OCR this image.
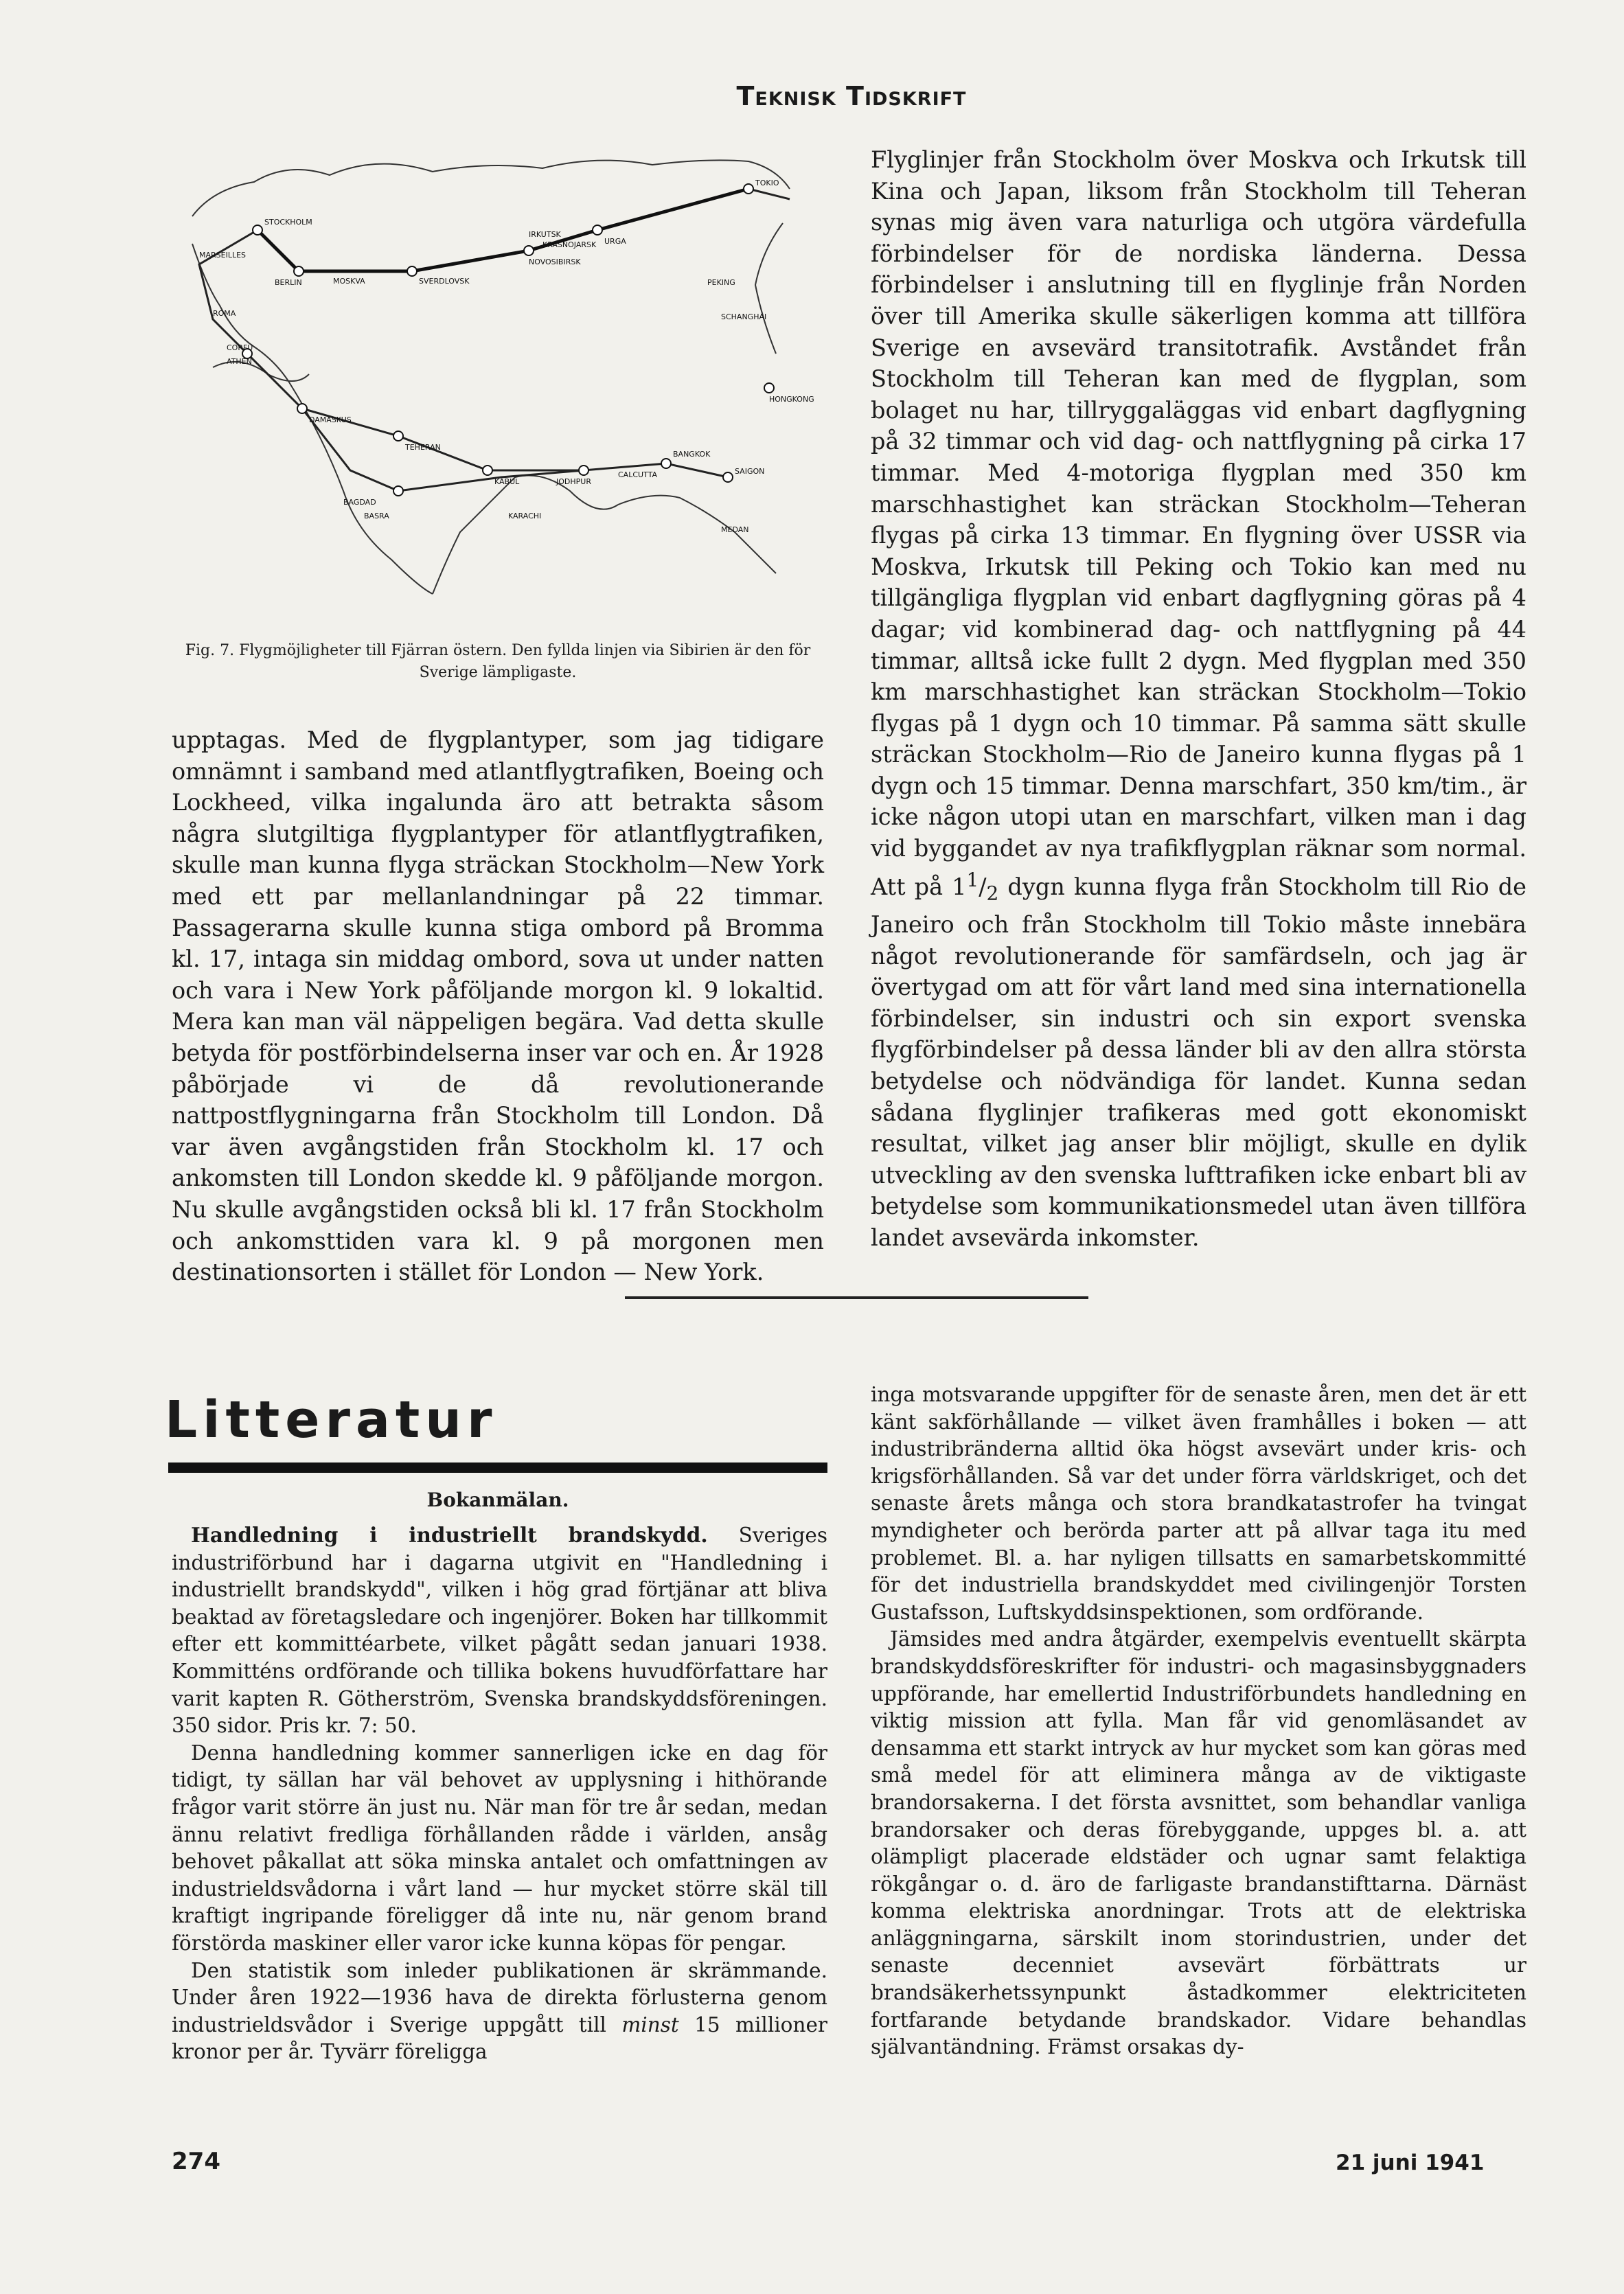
Teknisk Tidskrift
STOCKHOLM
BERLIN	MOSKVA	SVERDLOVSK
NOVOSIBIRSK
IRKUTSK
KRASNOJARSK URGA
PEKING
TOKIO
SCHANGHAI
HONGKONG
MARSEILLES
ROMA
CORFU
ATHEN
DAMASKUS
BAGDAD
TEHERAN
KABUL	JODHPUR
CALCUTTA
BANGKOK
SAIGON
KARACHI
BASRA
MEDAN
Fig. 7. Flygmöjligheter till Fjärran östern. Den fyllda linjen via Sibirien är den för Sverige lämpligaste.

upptagas. Med de flygplantyper, som jag tidigare omnämnt i samband med atlantflygtrafiken, Boeing och Lockheed, vilka ingalunda äro att betrakta såsom några slutgiltiga flygplantyper för atlantflygtrafiken, skulle man kunna flyga sträckan Stockholm—New York med ett par mellanlandningar på 22 timmar. Passagerarna skulle kunna stiga ombord på Bromma kl. 17, intaga sin middag ombord, sova ut under natten och vara i New York påföljande morgon kl. 9 lokaltid. Mera kan man väl näppeligen begära. Vad detta skulle betyda för postförbindelserna inser var och en. År 1928 påbörjade vi de då revolutionerande nattpostflygningarna från Stockholm till London. Då var även avgångstiden från Stockholm kl. 17 och ankomsten till London skedde kl. 9 påföljande morgon. Nu skulle avgångstiden också bli kl. 17 från Stockholm och ankomsttiden vara kl. 9 på morgonen men destinationsorten i stället för London — New York.

Flyglinjer från Stockholm över Moskva och Irkutsk till Kina och Japan, liksom från Stockholm till Teheran synas mig även vara naturliga och utgöra värdefulla förbindelser för de nordiska länderna. Dessa förbindelser i anslutning till en flyglinje från Norden över till Amerika skulle säkerligen komma att tillföra Sverige en avsevärd transitotrafik. Avståndet från Stockholm till Teheran kan med de flygplan, som bolaget nu har, tillryggaläggas vid enbart dagflygning på 32 timmar och vid dag- och nattflygning på cirka 17 timmar. Med 4-motoriga flygplan med 350 km marschhastighet kan sträckan Stockholm—Teheran flygas på cirka 13 timmar. En flygning över USSR via Moskva, Irkutsk till Peking och Tokio kan med nu tillgängliga flygplan vid enbart dagflygning göras på 4 dagar; vid kombinerad dag- och nattflygning på 44 timmar, alltså icke fullt 2 dygn. Med flygplan med 350 km marschhastighet kan sträckan Stockholm—Tokio flygas på 1 dygn och 10 timmar. På samma sätt skulle sträckan Stockholm—Rio de Janeiro kunna flygas på 1 dygn och 15 timmar. Denna marschfart, 350 km/tim., är icke någon utopi utan en marschfart, vilken man i dag vid byggandet av nya trafikflygplan räknar som normal. Att på $1^1/_2$ dygn kunna flyga från Stockholm till Rio de Janeiro och från Stockholm till Tokio måste innebära något revolutionerande för samfärdseln, och jag är övertygad om att för vårt land med sina internationella förbindelser, sin industri och sin export svenska flygförbindelser på dessa länder bli av den allra största betydelse och nödvändiga för landet. Kunna sedan sådana flyglinjer trafikeras med gott ekonomiskt resultat, vilket jag anser blir möjligt, skulle en dylik utveckling av den svenska lufttrafiken icke enbart bli av betydelse som kommunikationsmedel utan även tillföra landet avsevärda inkomster.

Litteratur
Bokanmälan.

Handledning i industriellt brandskydd. Sveriges industriförbund har i dagarna utgivit en "Handledning i industriellt brandskydd", vilken i hög grad förtjänar att bliva beaktad av företagsledare och ingenjörer. Boken har tillkommit efter ett kommittéarbete, vilket pågått sedan januari 1938. Kommitténs ordförande och tillika bokens huvudförfattare har varit kapten R. Götherström, Svenska brandskyddsföreningen. 350 sidor. Pris kr. 7: 50.

Denna handledning kommer sannerligen icke en dag för tidigt, ty sällan har väl behovet av upplysning i hithörande frågor varit större än just nu. När man för tre år sedan, medan ännu relativt fredliga förhållanden rådde i världen, ansåg behovet påkallat att söka minska antalet och omfattningen av industrieldsvådorna i vårt land — hur mycket större skäl till kraftigt ingripande föreligger då inte nu, när genom brand förstörda maskiner eller varor icke kunna köpas för pengar.

Den statistik som inleder publikationen är skrämmande. Under åren 1922—1936 hava de direkta förlusterna genom industrieldsvådor i Sverige uppgått till minst 15 millioner kronor per år. Tyvärr föreligga

inga motsvarande uppgifter för de senaste åren, men det är ett känt sakförhållande — vilket även framhålles i boken — att industribränderna alltid öka högst avsevärt under kris- och krigsförhållanden. Så var det under förra världskriget, och det senaste årets många och stora brandkatastrofer ha tvingat myndigheter och berörda parter att på allvar taga itu med problemet. Bl. a. har nyligen tillsatts en samarbetskommitté för det industriella brandskyddet med civilingenjör Torsten Gustafsson, Luftskyddsinspektionen, som ordförande.

Jämsides med andra åtgärder, exempelvis eventuellt skärpta brandskyddsföreskrifter för industri- och magasinsbyggnaders uppförande, har emellertid Industriförbundets handledning en viktig mission att fylla. Man får vid genomläsandet av densamma ett starkt intryck av hur mycket som kan göras med små medel för att eliminera många av de viktigaste brandorsakerna. I det första avsnittet, som behandlar vanliga brandorsaker och deras förebyggande, uppges bl. a. att olämpligt placerade eldstäder och ugnar samt felaktiga rökgångar o. d. äro de farligaste brandanstifttarna. Därnäst komma elektriska anordningar. Trots att de elektriska anläggningarna, särskilt inom storindustrien, under det senaste decenniet avsevärt förbättrats ur brandsäkerhetssynpunkt åstadkommer elektriciteten fortfarande betydande brandskador. Vidare behandlas självantändning. Främst orsakas dy-

274	21 juni 1941
